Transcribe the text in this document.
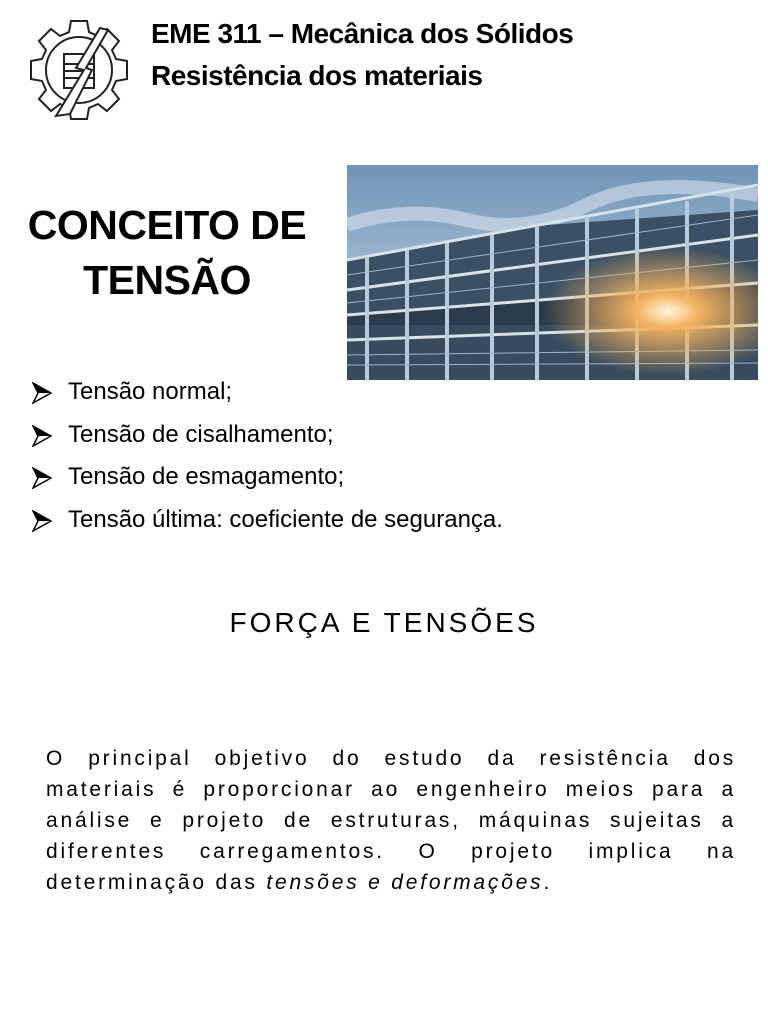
EME 311 – Mecânica dos Sólidos
Resistência dos materiais
CONCEITO DE
TENSÃO
Tensão normal;
Tensão de cisalhamento;
Tensão de esmagamento;
Tensão última: coeficiente de segurança.
FORÇA E TENSÕES
O principal objetivo do estudo da resistência dos materiais é proporcionar ao engenheiro meios para a análise e projeto de estruturas, máquinas sujeitas a diferentes carregamentos. O projeto implica na determinação das tensões e deformações.
